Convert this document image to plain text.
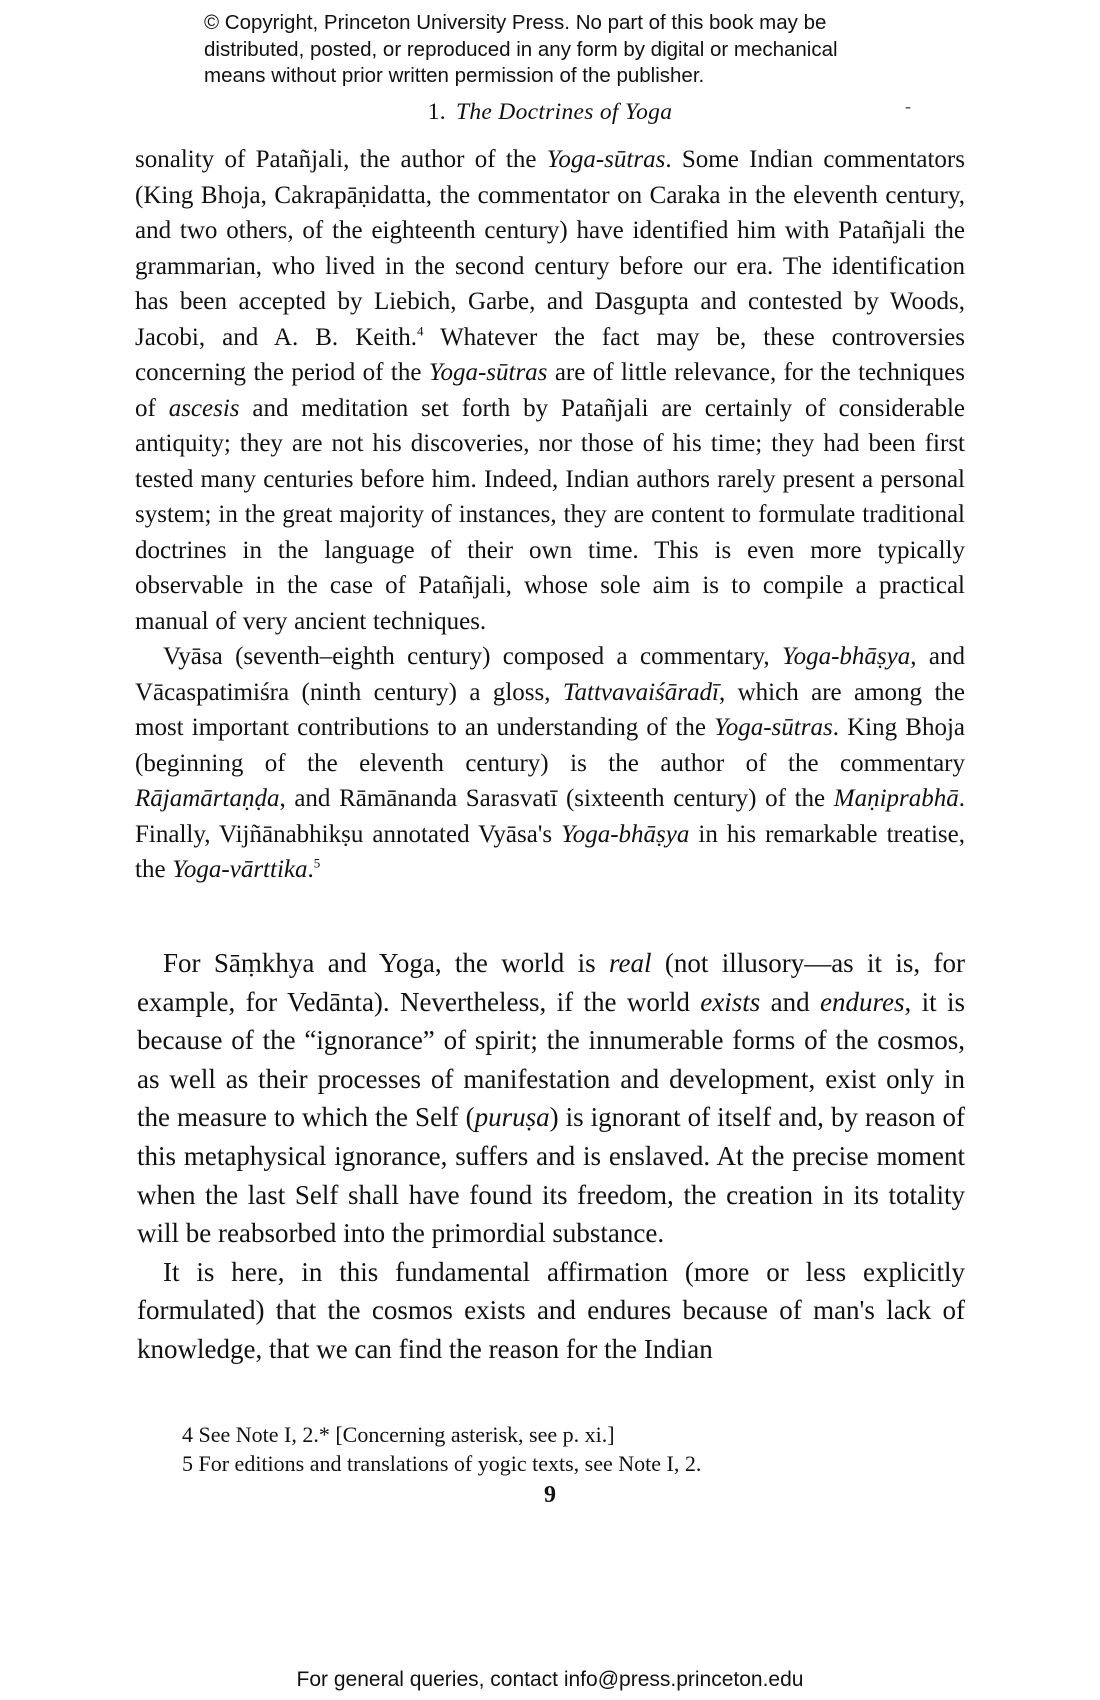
© Copyright, Princeton University Press. No part of this book may be
distributed, posted, or reproduced in any form by digital or mechanical
means without prior written permission of the publisher.
1. The Doctrines of Yoga	-

sonality of Patañjali, the author of the Yoga-sūtras. Some Indian commentators (King Bhoja, Cakrapāṇidatta, the commentator on Caraka in the eleventh century, and two others, of the eighteenth century) have identified him with Patañjali the grammarian, who lived in the second century before our era. The identification has been accepted by Liebich, Garbe, and Dasgupta and contested by Woods, Jacobi, and A. B. Keith.$^4$ Whatever the fact may be, these controversies concerning the period of the Yoga-sūtras are of little relevance, for the techniques of ascesis and meditation set forth by Patañjali are certainly of considerable antiquity; they are not his discoveries, nor those of his time; they had been first tested many centuries before him. Indeed, Indian authors rarely present a personal system; in the great majority of instances, they are content to formulate traditional doctrines in the language of their own time. This is even more typically observable in the case of Patañjali, whose sole aim is to compile a practical manual of very ancient techniques.

Vyāsa (seventh–eighth century) composed a commentary, Yoga-bhāṣya, and Vācaspatimiśra (ninth century) a gloss, Tattvavaiśāradī, which are among the most important contributions to an understanding of the Yoga-sūtras. King Bhoja (beginning of the eleventh century) is the author of the commentary Rājamārtaṇḍa, and Rāmānanda Sarasvatī (sixteenth century) of the Maṇiprabhā. Finally, Vijñānabhikṣu annotated Vyāsa's Yoga-bhāṣya in his remarkable treatise, the Yoga-vārttika.$^5$

For Sāṃkhya and Yoga, the world is real (not illusory—as it is, for example, for Vedānta). Nevertheless, if the world exists and endures, it is because of the “ignorance” of spirit; the innumerable forms of the cosmos, as well as their processes of manifestation and development, exist only in the measure to which the Self (puruṣa) is ignorant of itself and, by reason of this metaphysical ignorance, suffers and is enslaved. At the precise moment when the last Self shall have found its freedom, the creation in its totality will be reabsorbed into the primordial substance.

It is here, in this fundamental affirmation (more or less explicitly formulated) that the cosmos exists and endures because of man's lack of knowledge, that we can find the reason for the Indian

4 See Note I, 2.* [Concerning asterisk, see p. xi.]

5 For editions and translations of yogic texts, see Note I, 2.

9
For general queries, contact info@press.princeton.edu
